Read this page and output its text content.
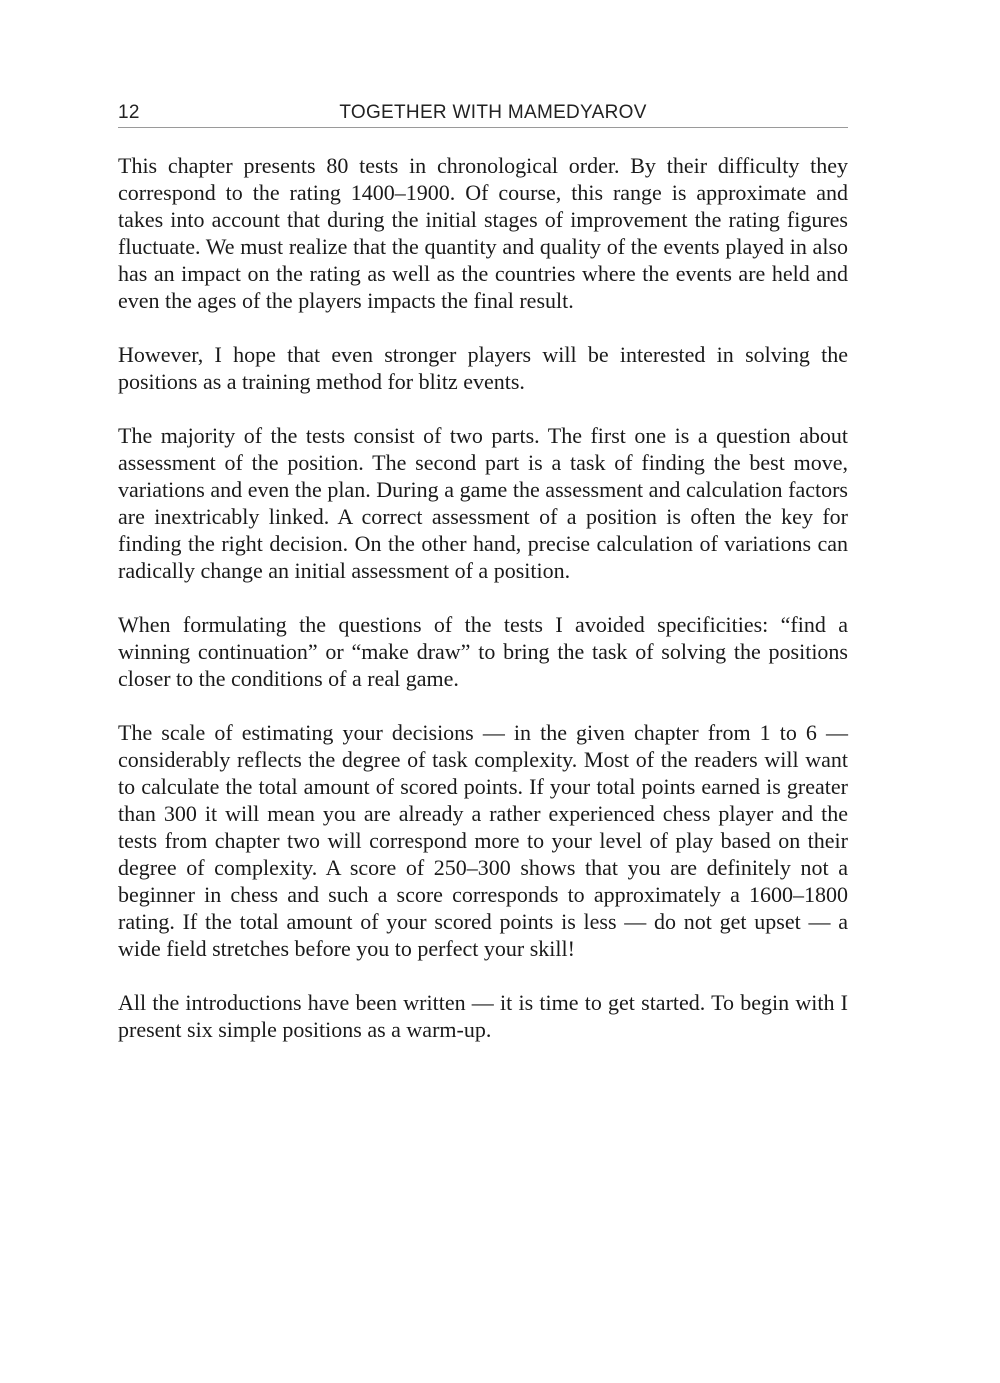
12	TOGETHER WITH MAMEDYAROV

This chapter presents 80 tests in chronological order. By their difficulty they correspond to the rating 1400–1900. Of course, this range is approximate and takes into account that during the initial stages of improvement the rating figures fluctuate. We must realize that the quantity and quality of the events played in also has an impact on the rating as well as the countries where the events are held and even the ages of the players impacts the final result.

However, I hope that even stronger players will be interested in solving the positions as a training method for blitz events.

The majority of the tests consist of two parts. The first one is a question about assessment of the position. The second part is a task of finding the best move, variations and even the plan. During a game the assessment and calculation factors are inextricably linked. A correct assessment of a position is often the key for finding the right decision. On the other hand, precise calculation of variations can radically change an initial assessment of a position.

When formulating the questions of the tests I avoided specificities: “find a winning continuation” or “make draw” to bring the task of solving the positions closer to the conditions of a real game.

The scale of estimating your decisions — in the given chapter from 1 to 6 — considerably reflects the degree of task complexity. Most of the readers will want to calculate the total amount of scored points. If your total points earned is greater than 300 it will mean you are already a rather experienced chess player and the tests from chapter two will correspond more to your level of play based on their degree of complexity. A score of 250–300 shows that you are definitely not a beginner in chess and such a score corresponds to approximately a 1600–1800 rating. If the total amount of your scored points is less — do not get upset — a wide field stretches before you to perfect your skill!

All the introductions have been written — it is time to get started. To begin with I present six simple positions as a warm-up.
